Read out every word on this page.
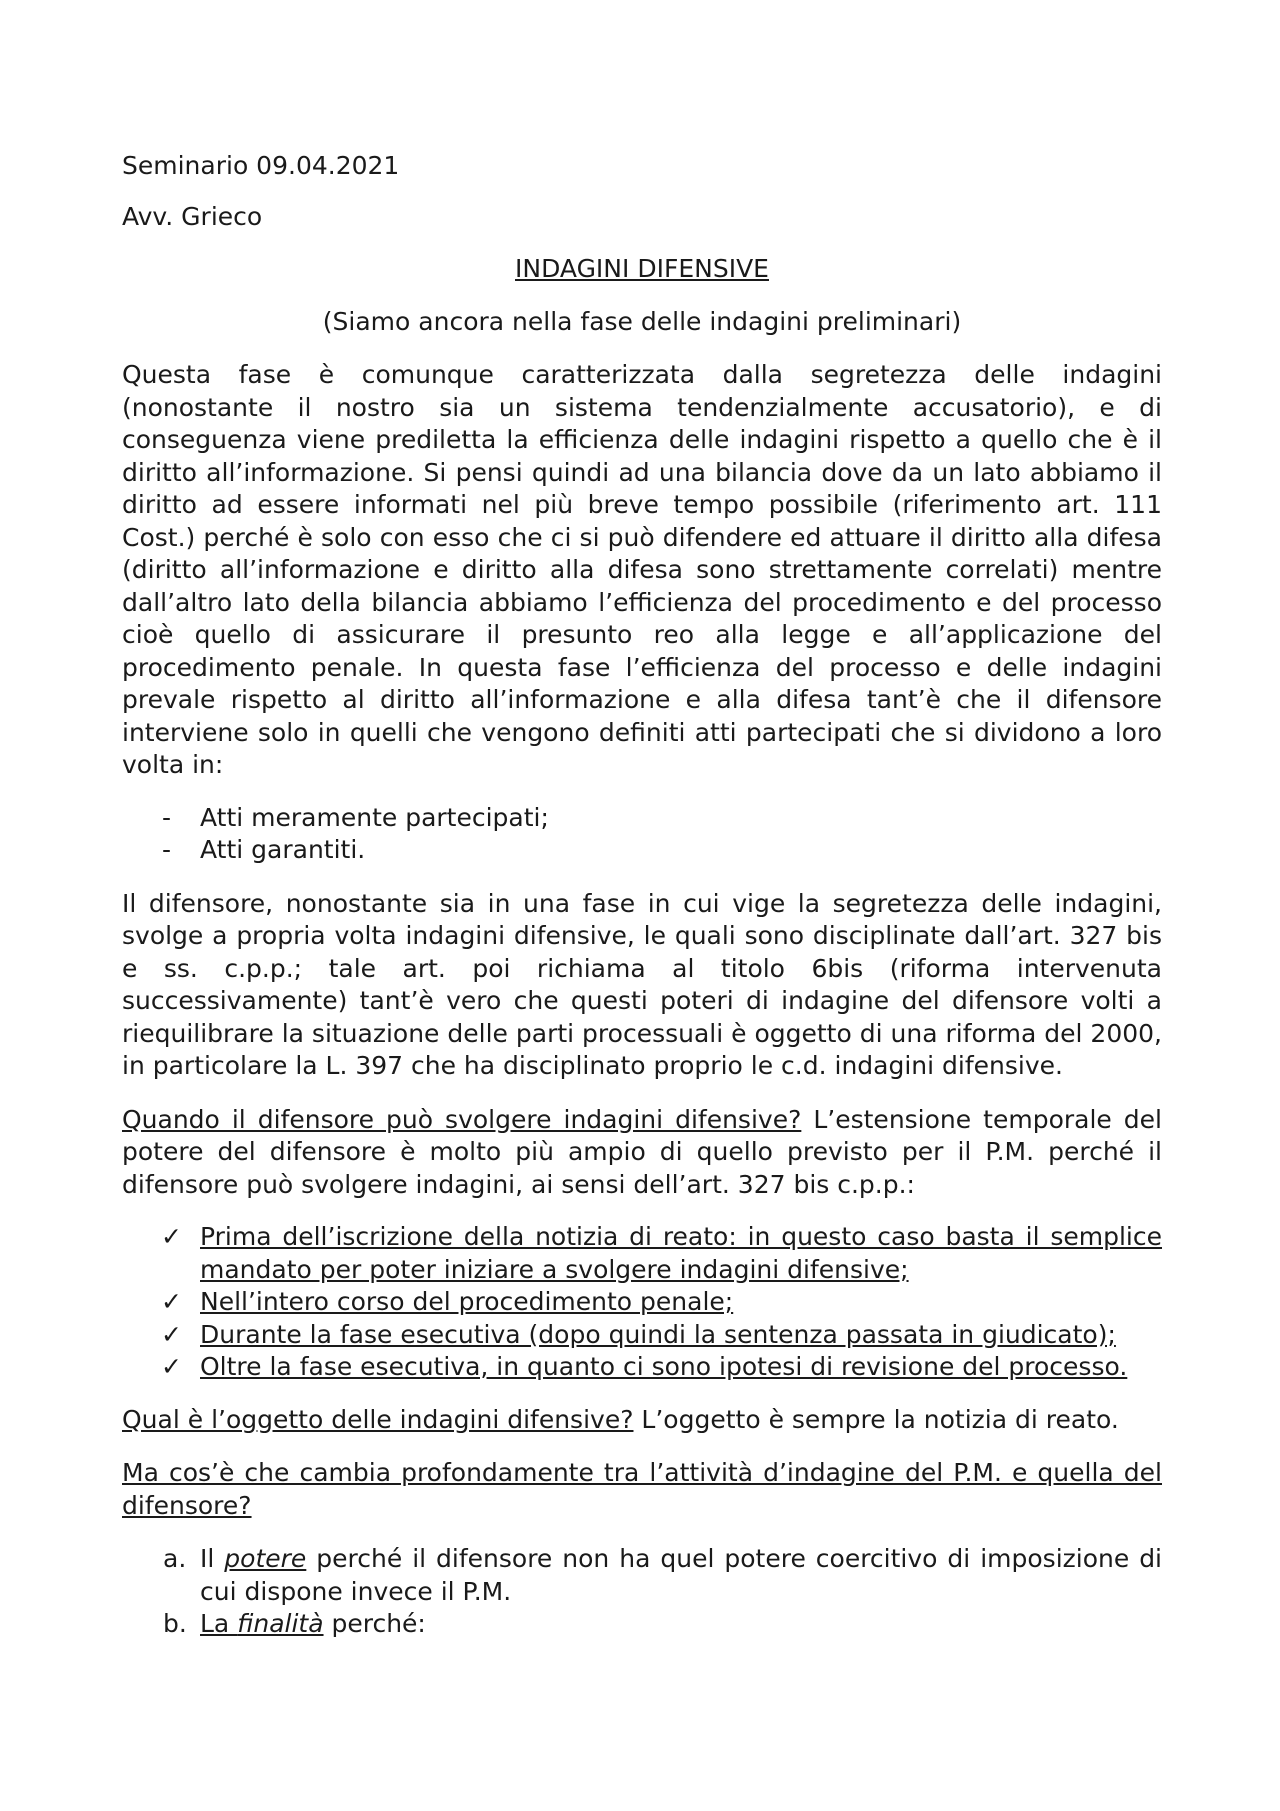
Seminario 09.04.2021

Avv. Grieco

INDAGINI DIFENSIVE

(Siamo ancora nella fase delle indagini preliminari)

Questa fase è comunque caratterizzata dalla segretezza delle indagini (nonostante il nostro sia un sistema tendenzialmente accusatorio), e di conseguenza viene prediletta la efficienza delle indagini rispetto a quello che è il diritto all’informazione. Si pensi quindi ad una bilancia dove da un lato abbiamo il diritto ad essere informati nel più breve tempo possibile (riferimento art. 111 Cost.) perché è solo con esso che ci si può difendere ed attuare il diritto alla difesa (diritto all’informazione e diritto alla difesa sono strettamente correlati) mentre dall’altro lato della bilancia abbiamo l’efficienza del procedimento e del processo cioè quello di assicurare il presunto reo alla legge e all’applicazione del procedimento penale. In questa fase l’efficienza del processo e delle indagini prevale rispetto al diritto all’informazione e alla difesa tant’è che il difensore interviene solo in quelli che vengono definiti atti partecipati che si dividono a loro volta in:

- Atti meramente partecipati;
- Atti garantiti.

Il difensore, nonostante sia in una fase in cui vige la segretezza delle indagini, svolge a propria volta indagini difensive, le quali sono disciplinate dall’art. 327 bis e ss. c.p.p.; tale art. poi richiama al titolo 6bis (riforma intervenuta successivamente) tant’è vero che questi poteri di indagine del difensore volti a riequilibrare la situazione delle parti processuali è oggetto di una riforma del 2000, in particolare la L. 397 che ha disciplinato proprio le c.d. indagini difensive.

Quando il difensore può svolgere indagini difensive? L’estensione temporale del potere del difensore è molto più ampio di quello previsto per il P.M. perché il difensore può svolgere indagini, ai sensi dell’art. 327 bis c.p.p.:

✓ Prima dell’iscrizione della notizia di reato: in questo caso basta il semplice mandato per poter iniziare a svolgere indagini difensive;
✓ Nell’intero corso del procedimento penale;
✓ Durante la fase esecutiva (dopo quindi la sentenza passata in giudicato);
✓ Oltre la fase esecutiva, in quanto ci sono ipotesi di revisione del processo.

Qual è l’oggetto delle indagini difensive? L’oggetto è sempre la notizia di reato.

Ma cos’è che cambia profondamente tra l’attività d’indagine del P.M. e quella del difensore?

a. Il potere perché il difensore non ha quel potere coercitivo di imposizione di cui dispone invece il P.M.
b. La finalità perché:
